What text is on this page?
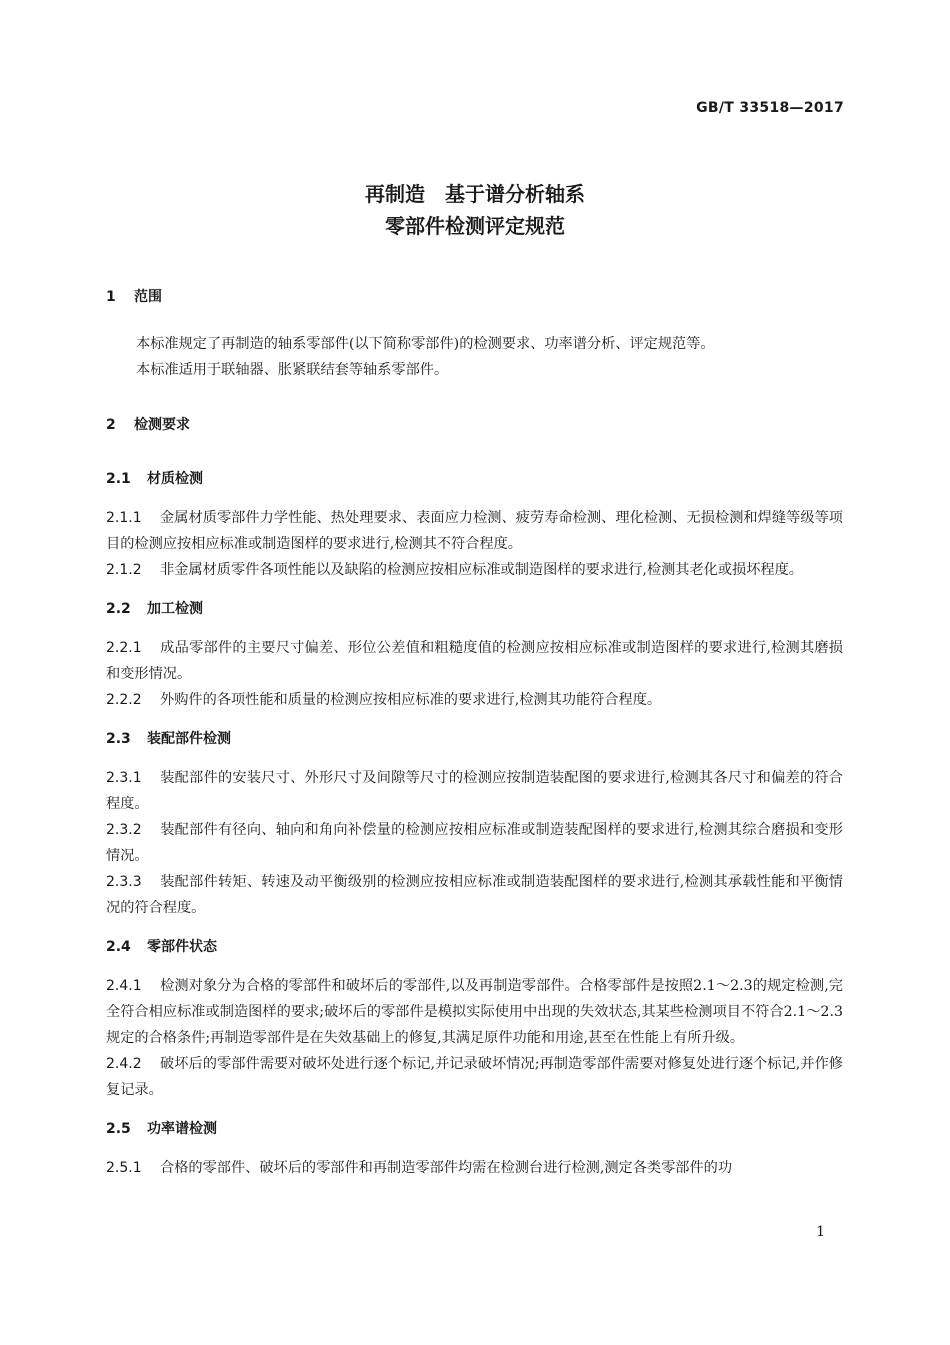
GB/T 33518—2017
再制造　基于谱分析轴系
零部件检测评定规范
1 范围

本标准规定了再制造的轴系零部件(以下简称零部件)的检测要求、功率谱分析、评定规范等。

本标准适用于联轴器、胀紧联结套等轴系零部件。

2 检测要求
2.1 材质检测

2.1.1 金属材质零部件力学性能、热处理要求、表面应力检测、疲劳寿命检测、理化检测、无损检测和焊缝等级等项目的检测应按相应标准或制造图样的要求进行,检测其不符合程度。

2.1.2 非金属材质零件各项性能以及缺陷的检测应按相应标准或制造图样的要求进行,检测其老化或损坏程度。

2.2 加工检测

2.2.1 成品零部件的主要尺寸偏差、形位公差值和粗糙度值的检测应按相应标准或制造图样的要求进行,检测其磨损和变形情况。

2.2.2 外购件的各项性能和质量的检测应按相应标准的要求进行,检测其功能符合程度。

2.3 装配部件检测

2.3.1 装配部件的安装尺寸、外形尺寸及间隙等尺寸的检测应按制造装配图的要求进行,检测其各尺寸和偏差的符合程度。

2.3.2 装配部件有径向、轴向和角向补偿量的检测应按相应标准或制造装配图样的要求进行,检测其综合磨损和变形情况。

2.3.3 装配部件转矩、转速及动平衡级别的检测应按相应标准或制造装配图样的要求进行,检测其承载性能和平衡情况的符合程度。

2.4 零部件状态

2.4.1 检测对象分为合格的零部件和破坏后的零部件,以及再制造零部件。合格零部件是按照2.1～2.3的规定检测,完全符合相应标准或制造图样的要求;破坏后的零部件是模拟实际使用中出现的失效状态,其某些检测项目不符合2.1～2.3规定的合格条件;再制造零部件是在失效基础上的修复,其满足原件功能和用途,甚至在性能上有所升级。

2.4.2 破坏后的零部件需要对破坏处进行逐个标记,并记录破坏情况;再制造零部件需要对修复处进行逐个标记,并作修复记录。

2.5 功率谱检测

2.5.1 合格的零部件、破坏后的零部件和再制造零部件均需在检测台进行检测,测定各类零部件的功

1
